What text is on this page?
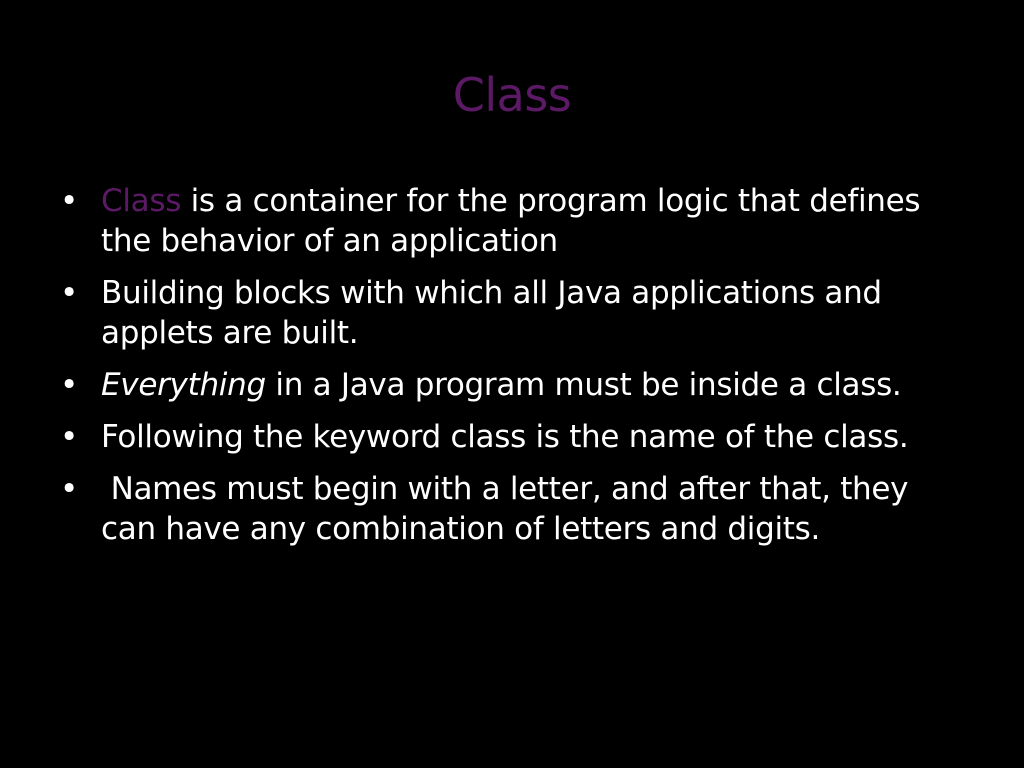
Class
• Class is a container for the program logic that defines the behavior of an application
• Building blocks with which all Java applications and applets are built.
• Everything in a Java program must be inside a class.
• Following the keyword class is the name of the class.
• Names must begin with a letter, and after that, they can have any combination of letters and digits.
